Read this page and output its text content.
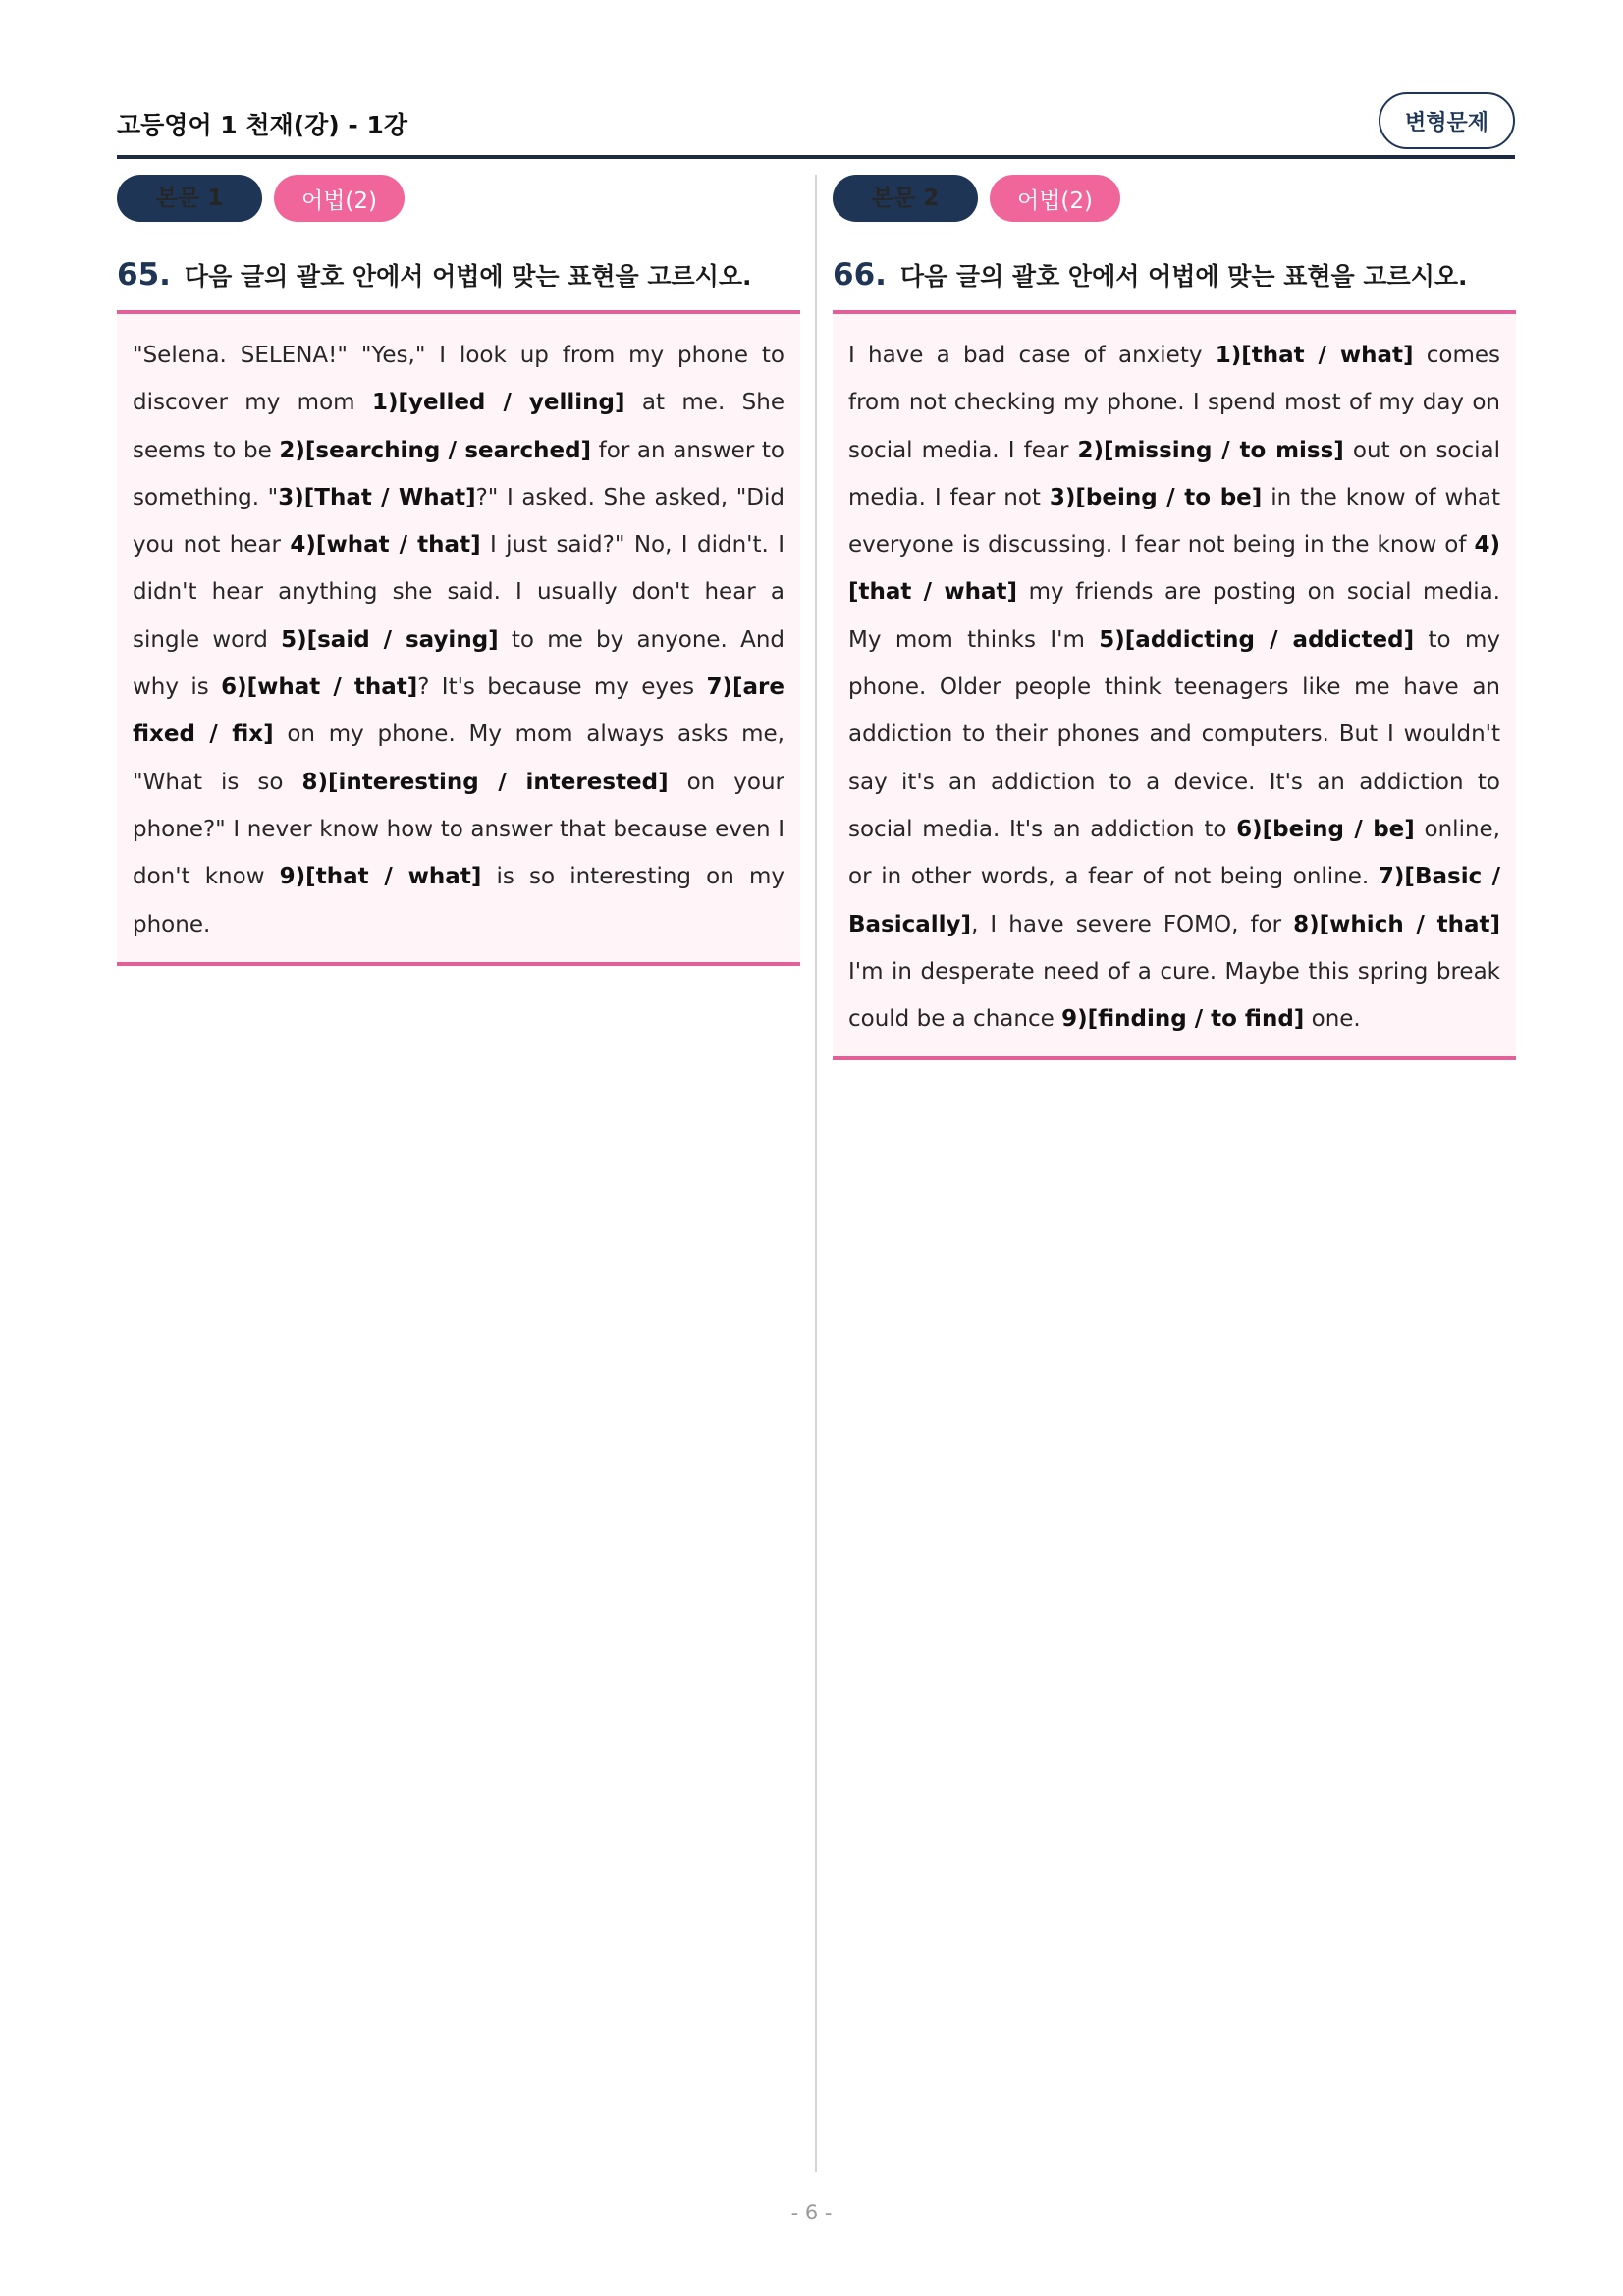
고등영어 1 천재(강) - 1강	변형문제
본문 1	어법(2)
65. 다음 글의 괄호 안에서 어법에 맞는 표현을 고르시오.

"Selena. SELENA!" "Yes," I look up from my phone to discover my mom 1)[yelled / yelling] at me. She seems to be 2)[searching / searched] for an answer to something. "3)[That / What]?" I asked. She asked, "Did you not hear 4)[what / that] I just said?" No, I didn't. I didn't hear anything she said. I usually don't hear a single word 5)[said / saying] to me by anyone. And why is 6)[what / that]? It's because my eyes 7)[are fixed / fix] on my phone. My mom always asks me, "What is so 8)[interesting / interested] on your phone?" I never know how to answer that because even I don't know 9)[that / what] is so interesting on my phone.

본문 2	어법(2)
66. 다음 글의 괄호 안에서 어법에 맞는 표현을 고르시오.

I have a bad case of anxiety 1)[that / what] comes from not checking my phone. I spend most of my day on social media. I fear 2)[missing / to miss] out on social media. I fear not 3)[being / to be] in the know of what everyone is discussing. I fear not being in the know of 4)[that / what] my friends are posting on social media. My mom thinks I'm 5)[addicting / addicted] to my phone. Older people think teenagers like me have an addiction to their phones and computers. But I wouldn't say it's an addiction to a device. It's an addiction to social media. It's an addiction to 6)[being / be] online, or in other words, a fear of not being online. 7)[Basic / Basically], I have severe FOMO, for 8)[which / that] I'm in desperate need of a cure. Maybe this spring break could be a chance 9)[finding / to find] one.

- 6 -
